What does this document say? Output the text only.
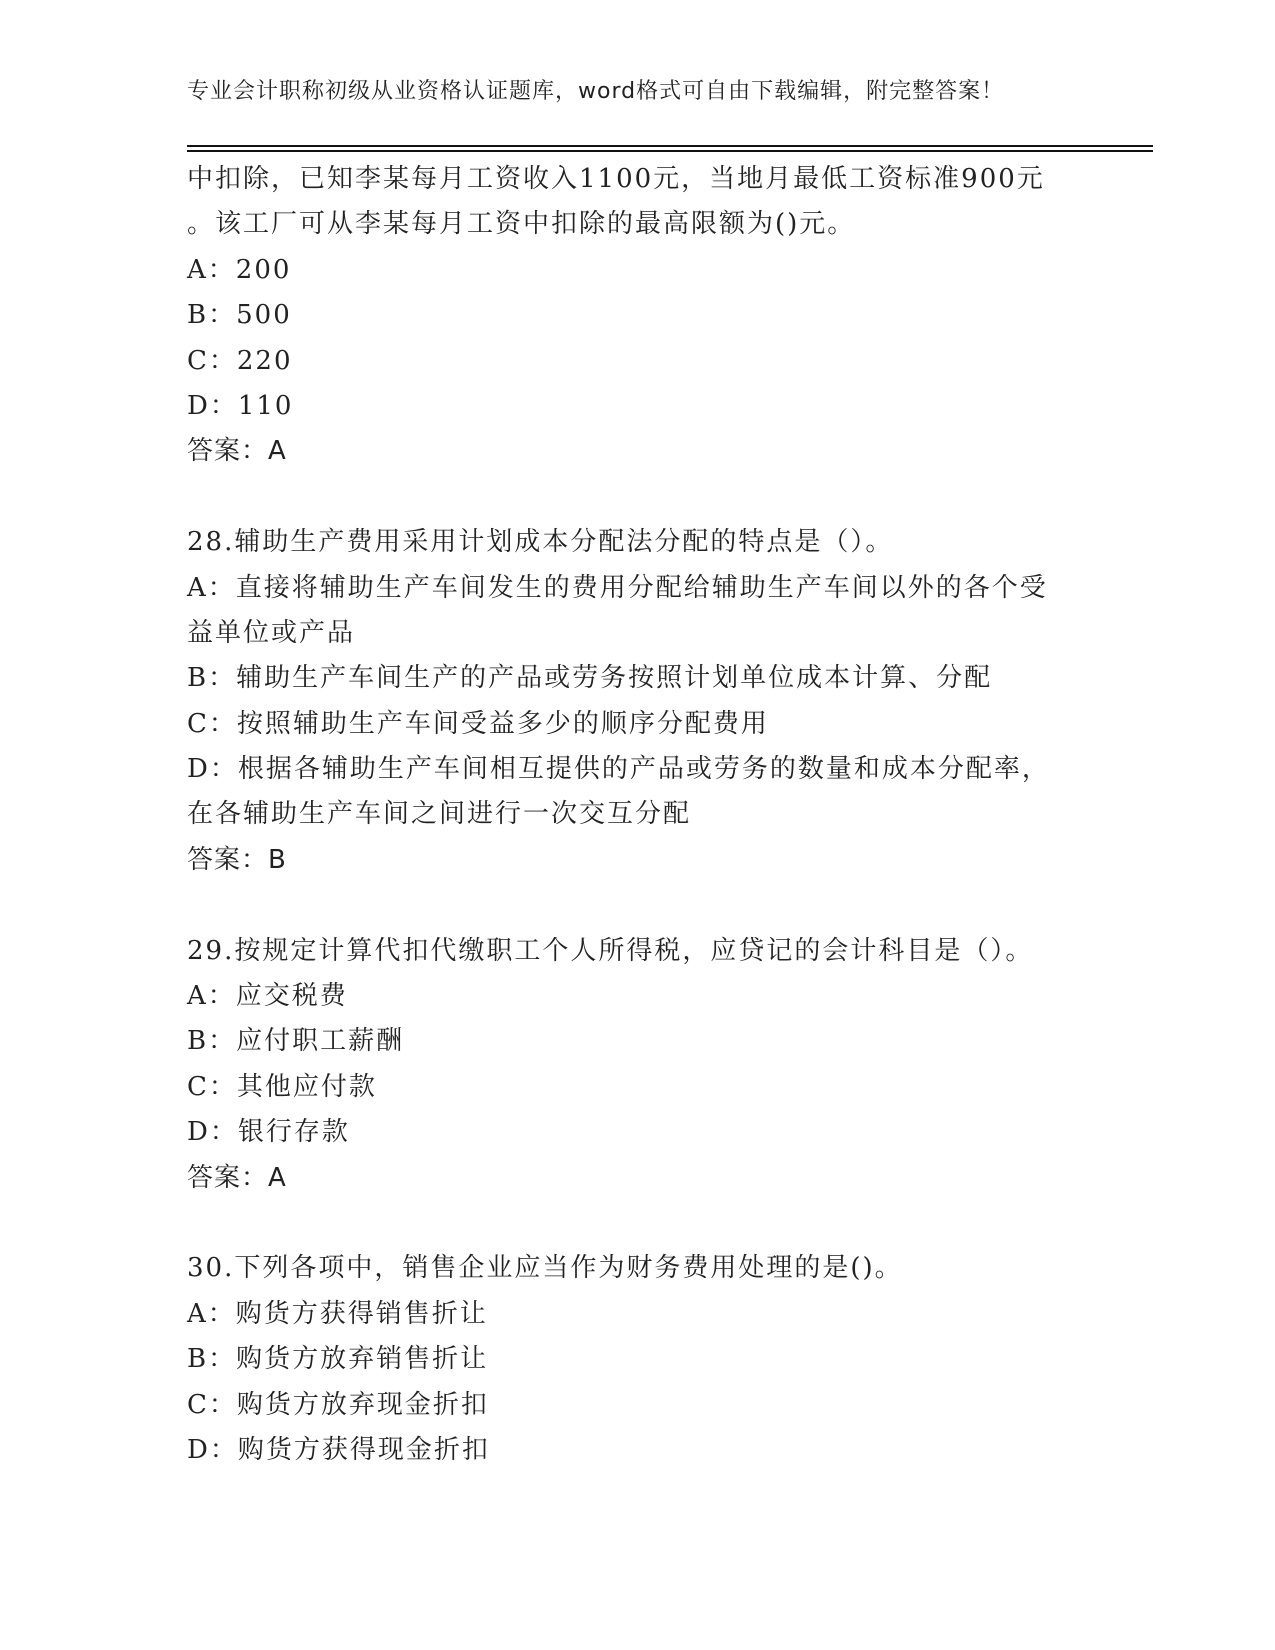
专业会计职称初级从业资格认证题库，word格式可自由下载编辑，附完整答案！
中扣除，已知李某每月工资收入1100元，当地月最低工资标准900元
。该工厂可从李某每月工资中扣除的最高限额为()元。
A：200
B：500
C：220
D：110
答案：A
28.辅助生产费用采用计划成本分配法分配的特点是（）。
A：直接将辅助生产车间发生的费用分配给辅助生产车间以外的各个受
益单位或产品
B：辅助生产车间生产的产品或劳务按照计划单位成本计算、分配
C：按照辅助生产车间受益多少的顺序分配费用
D：根据各辅助生产车间相互提供的产品或劳务的数量和成本分配率，
在各辅助生产车间之间进行一次交互分配
答案：B
29.按规定计算代扣代缴职工个人所得税，应贷记的会计科目是（）。
A：应交税费
B：应付职工薪酬
C：其他应付款
D：银行存款
答案：A
30.下列各项中，销售企业应当作为财务费用处理的是()。
A：购货方获得销售折让
B：购货方放弃销售折让
C：购货方放弃现金折扣
D：购货方获得现金折扣
